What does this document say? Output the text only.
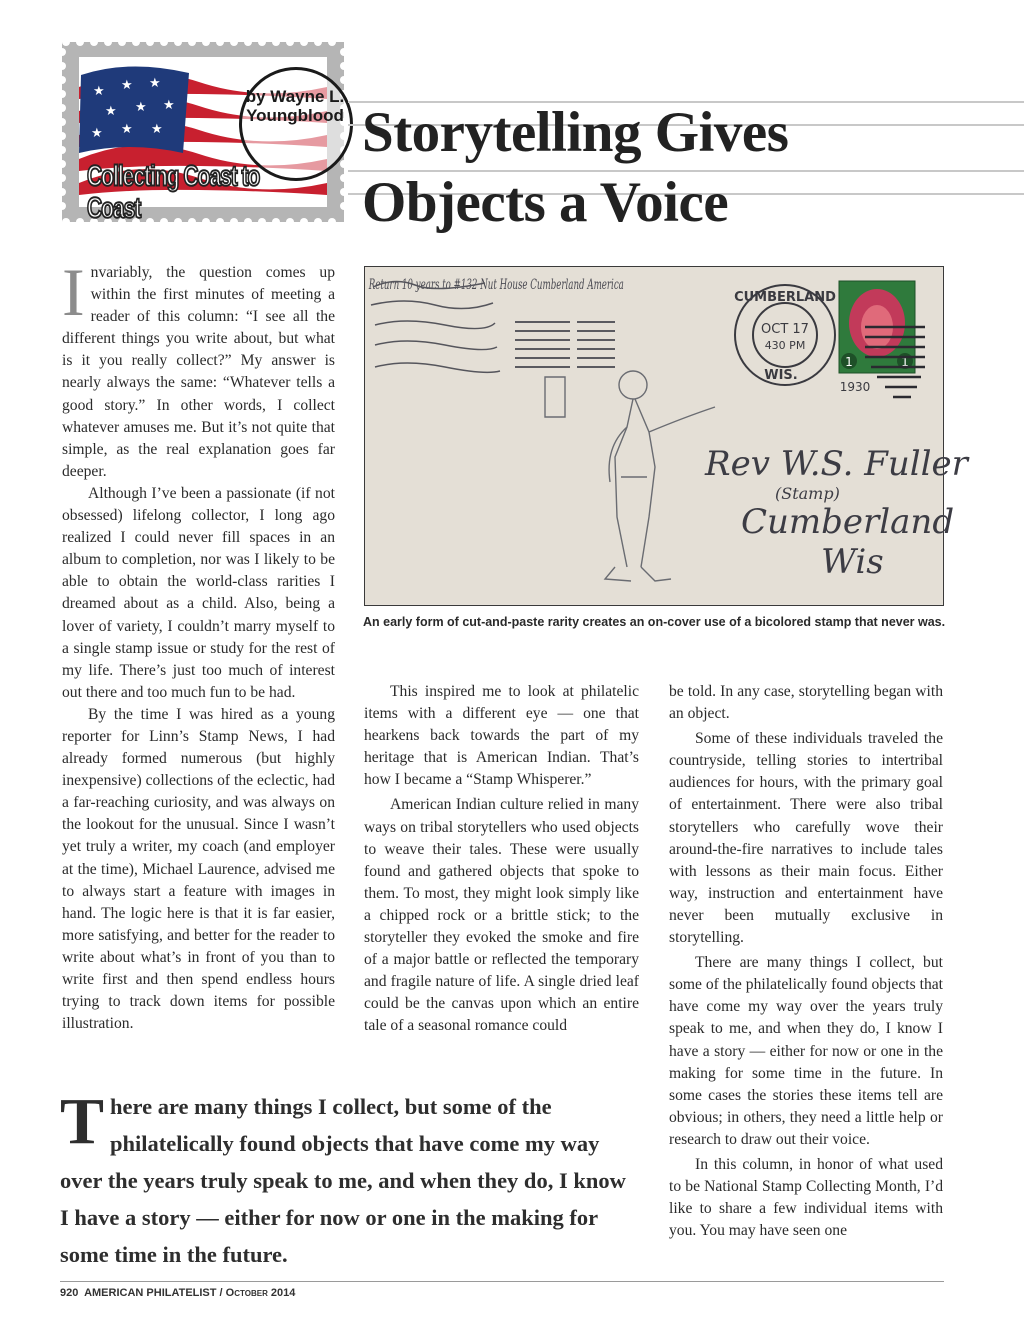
★ ★ ★
★ ★ ★
★ ★ ★
by Wayne L. Youngblood
Collecting Coast to Coast
Storytelling Gives
Objects a Voice

Invariably, the question comes up within the first minutes of meeting a reader of this column: “I see all the different things you write about, but what is it you really collect?” My answer is nearly always the same: “Whatever tells a good story.” In other words, I collect whatever amuses me. But it’s not quite that simple, as the real explanation goes far deeper.

Although I’ve been a passionate (if not obsessed) lifelong collector, I long ago realized I could never fill spaces in an album to completion, nor was I likely to be able to obtain the world-class rarities I dreamed about as a child. Also, being a lover of variety, I couldn’t marry myself to a single stamp issue or study for the rest of my life. There’s just too much of interest out there and too much fun to be had.

By the time I was hired as a young reporter for Linn’s Stamp News, I had already formed numerous (but highly inexpensive) collections of the eclectic, had a far-reaching curiosity, and was always on the lookout for the unusual. Since I wasn’t yet truly a writer, my coach (and employer at the time), Michael Laurence, advised me to always start a feature with images in hand. The logic here is that it is far easier, more satisfying, and better for the reader to write about what’s in front of you than to write first and then spend endless hours trying to track down items for possible illustration.

Return 10 years to #132 Nut House Cumberland America
CUMBERLAND
OCT 17
430 PM
WIS.
1930
1	1
Rev W.S. Fuller
(Stamp)
Cumberland
Wis
An early form of cut-and-paste rarity creates an on-cover use of a bicolored stamp that never was.

This inspired me to look at philatelic items with a different eye — one that hearkens back towards the part of my heritage that is American Indian. That’s how I became a “Stamp Whisperer.”

American Indian culture relied in many ways on tribal storytellers who used objects to weave their tales. These were usually found and gathered objects that spoke to them. To most, they might look simply like a chipped rock or a brittle stick; to the storyteller they evoked the smoke and fire of a major battle or reflected the temporary and fragile nature of life. A single dried leaf could be the canvas upon which an entire tale of a seasonal romance could

be told. In any case, storytelling began with an object.

Some of these individuals traveled the countryside, telling stories to intertribal audiences for hours, with the primary goal of entertainment. There were also tribal storytellers who carefully wove their around-the-fire narratives to include tales with lessons as their main focus. Either way, instruction and entertainment have never been mutually exclusive in storytelling.

There are many things I collect, but some of the philatelically found objects that have come my way over the years truly speak to me, and when they do, I know I have a story — either for now or one in the making for some time in the future. In some cases the stories these items tell are obvious; in others, they need a little help or research to draw out their voice.

In this column, in honor of what used to be National Stamp Collecting Month, I’d like to share a few individual items with you. You may have seen one

There are many things I collect, but some of the philatelically found objects that have come my way over the years truly speak to me, and when they do, I know I have a story — either for now or one in the making for some time in the future.
920 AMERICAN PHILATELIST / OCTOBER 2014
